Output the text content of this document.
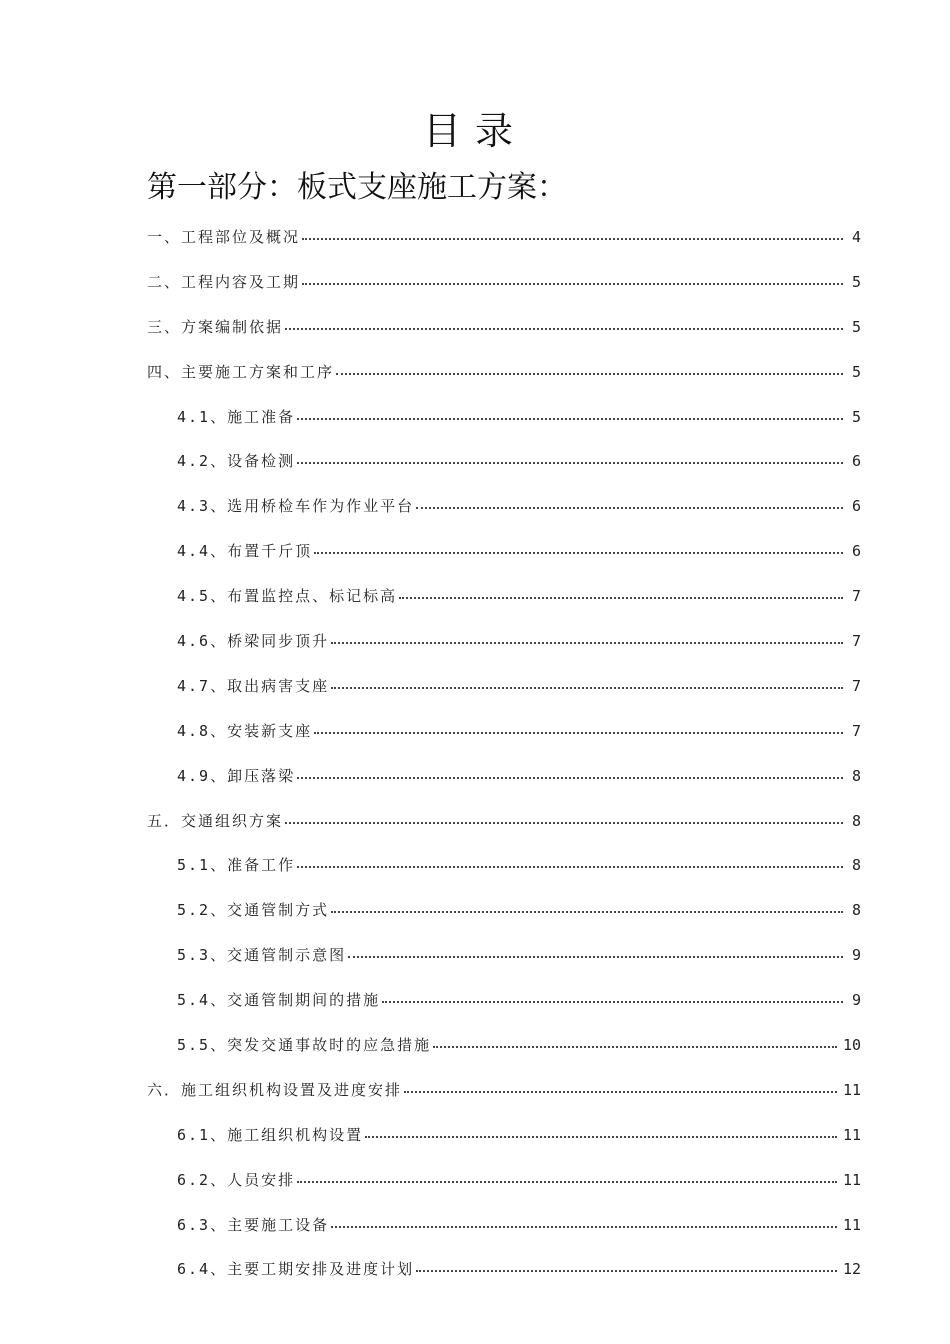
目录
第一部分：板式支座施工方案：
一、工程部位及概况	4
二、工程内容及工期	5
三、方案编制依据	5
四、主要施工方案和工序	5
4.1、施工准备	5
4.2、设备检测	6
4.3、选用桥检车作为作业平台	6
4.4、布置千斤顶	6
4.5、布置监控点、标记标高	7
4.6、桥梁同步顶升	7
4.7、取出病害支座	7
4.8、安装新支座	7
4.9、卸压落梁	8
五．交通组织方案	8
5.1、准备工作	8
5.2、交通管制方式	8
5.3、交通管制示意图	9
5.4、交通管制期间的措施	9
5.5、突发交通事故时的应急措施	10
六．施工组织机构设置及进度安排	11
6.1、施工组织机构设置	11
6.2、人员安排	11
6.3、主要施工设备	11
6.4、主要工期安排及进度计划	12
